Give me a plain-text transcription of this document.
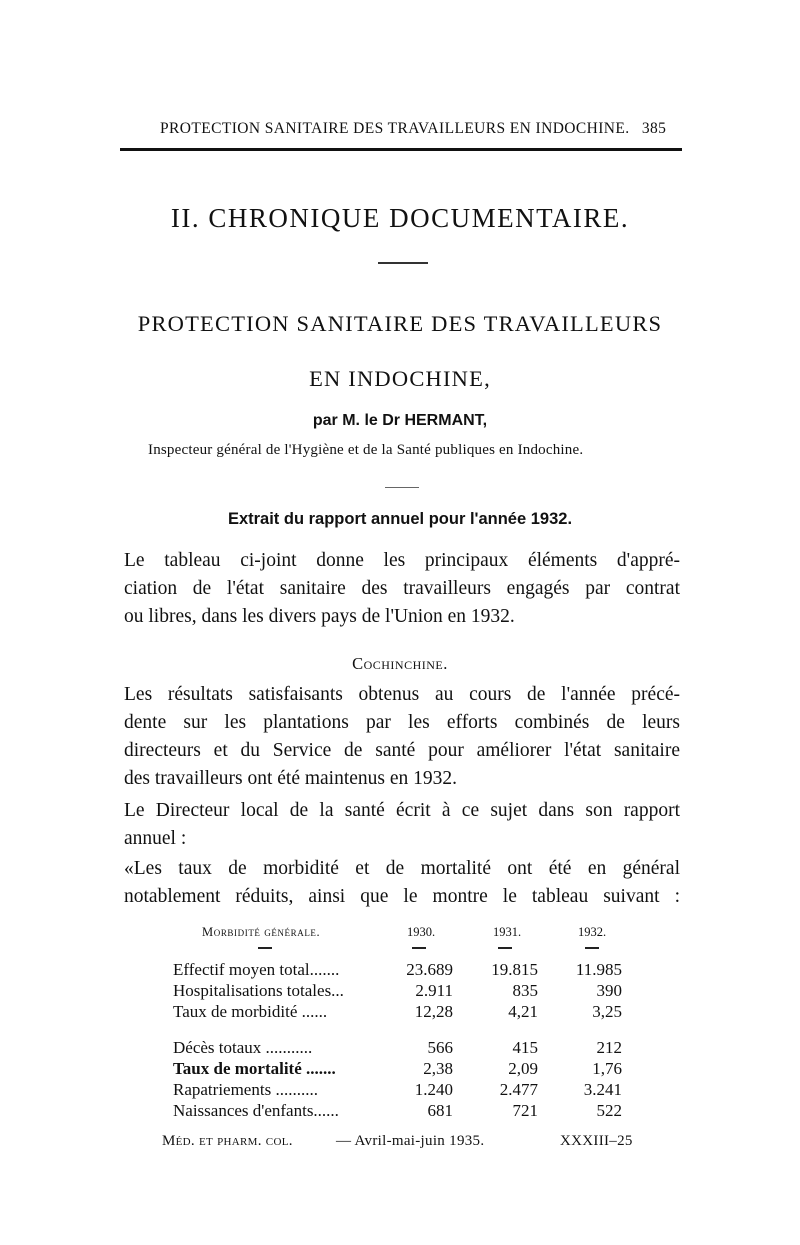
PROTECTION SANITAIRE DES TRAVAILLEURS EN INDOCHINE. 385
II. CHRONIQUE DOCUMENTAIRE.
PROTECTION SANITAIRE DES TRAVAILLEURS
EN INDOCHINE,
par M. le Dr HERMANT,
Inspecteur général de l'Hygiène et de la Santé publiques en Indochine.
Extrait du rapport annuel pour l'année 1932.
Le tableau ci-joint donne les principaux éléments d'appré-
ciation de l'état sanitaire des travailleurs engagés par contrat
ou libres, dans les divers pays de l'Union en 1932.
Cochinchine.
Les résultats satisfaisants obtenus au cours de l'année précé-
dente sur les plantations par les efforts combinés de leurs
directeurs et du Service de santé pour améliorer l'état sanitaire
des travailleurs ont été maintenus en 1932.
Le Directeur local de la santé écrit à ce sujet dans son rapport
annuel :
«Les taux de morbidité et de mortalité ont été en général
notablement réduits, ainsi que le montre le tableau suivant :
Morbidité générale.	1930.	1931.	1932.
Effectif moyen total.......	23.689	19.815	11.985
Hospitalisations totales...	2.911	835	390
Taux de morbidité ......	12,28	4,21	3,25
Décès totaux ...........	566	415	212
Taux de mortalité .......	2,38	2,09	1,76
Rapatriements ..........	1.240	2.477	3.241
Naissances d'enfants......	681	721	522
Méd. et pharm. col.	— Avril-mai-juin 1935.	XXXIII–25
